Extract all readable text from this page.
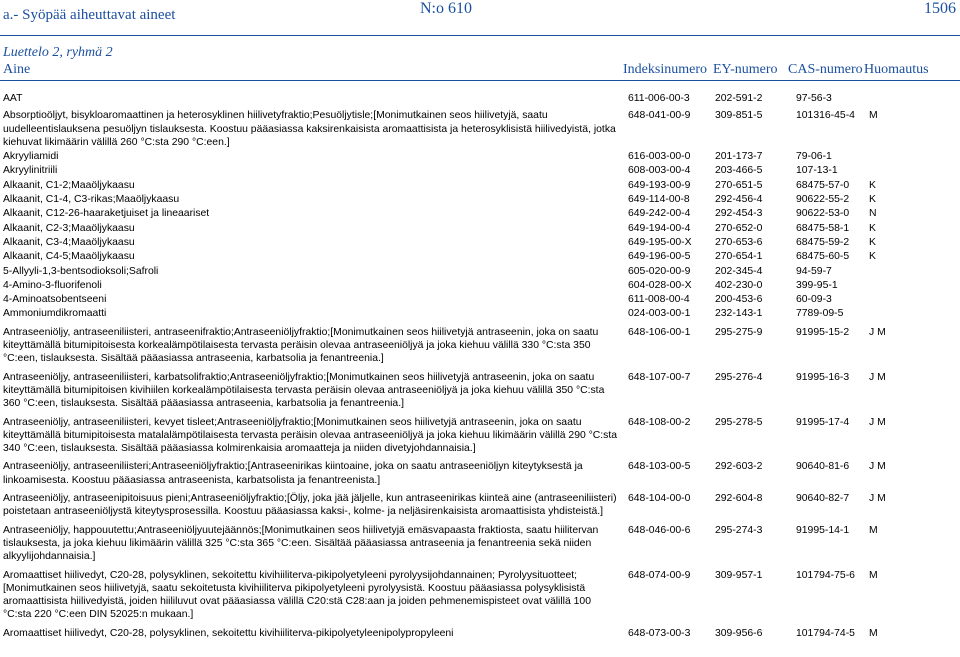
a.- Syöpää aiheuttavat aineet	N:o 610	1506
Luettelo 2, ryhmä 2
Aine	Indeksinumero EY-numero CAS-numero Huomautus
AAT	611-006-00-3	202-591-2	97-56-3
Absorptioöljyt, bisykloaromaattinen ja heterosyklinen hiilivetyfraktio;Pesuöljytisle;[Monimutkainen seos hiilivetyjä, saatu uudelleentislauksena pesuöljyn tislauksesta. Koostuu pääasiassa kaksirenkaisista aromaattisista ja heterosyklisistä hiilivedyistä, jotka kiehuvat likimäärin välillä 260 °C:sta 290 °C:een.]
648-041-00-9	309-851-5	101316-45-4	M
Akryyliamidi	616-003-00-0	201-173-7	79-06-1
Akryylinitriili	608-003-00-4	203-466-5	107-13-1
Alkaanit, C1-2;Maaöljykaasu	649-193-00-9	270-651-5	68475-57-0	K
Alkaanit, C1-4, C3-rikas;Maaöljykaasu	649-114-00-8	292-456-4	90622-55-2	K
Alkaanit, C12-26-haaraketjuiset ja lineaariset	649-242-00-4	292-454-3	90622-53-0	N
Alkaanit, C2-3;Maaöljykaasu	649-194-00-4	270-652-0	68475-58-1	K
Alkaanit, C3-4;Maaöljykaasu	649-195-00-X	270-653-6	68475-59-2	K
Alkaanit, C4-5;Maaöljykaasu	649-196-00-5	270-654-1	68475-60-5	K
5-Allyyli-1,3-bentsodioksoli;Safroli	605-020-00-9	202-345-4	94-59-7
4-Amino-3-fluorifenoli	604-028-00-X	402-230-0	399-95-1
4-Aminoatsobentseeni	611-008-00-4	200-453-6	60-09-3
Ammoniumdikromaatti	024-003-00-1	232-143-1	7789-09-5
Antraseeniöljy, antraseeniliisteri, antraseenifraktio;Antraseeniöljyfraktio;[Monimutkainen seos hiilivetyjä antraseenin, joka on saatu kiteyttämällä bitumipitoisesta korkealämpötilaisesta tervasta peräisin olevaa antraseeniöljyä ja joka kiehuu välillä 330 °C:sta 350 °C:een, tislauksesta. Sisältää pääasiassa antraseenia, karbatsolia ja fenantreenia.]
648-106-00-1	295-275-9	91995-15-2	J M
Antraseeniöljy, antraseeniliisteri, karbatsolifraktio;Antraseeniöljyfraktio;[Monimutkainen seos hiilivetyjä antraseenin, joka on saatu kiteyttämällä bitumipitoisen kivihiilen korkealämpötilaisesta tervasta peräisin olevaa antraseeniöljyä ja joka kiehuu välillä 350 °C:sta 360 °C:een, tislauksesta. Sisältää pääasiassa antraseenia, karbatsolia ja fenantreenia.]
648-107-00-7	295-276-4	91995-16-3	J M
Antraseeniöljy, antraseeniliisteri, kevyet tisleet;Antraseeniöljyfraktio;[Monimutkainen seos hiilivetyjä antraseenin, joka on saatu kiteyttämällä bitumipitoisesta matalalämpötilaisesta tervasta peräisin olevaa antraseeniöljyä ja joka kiehuu likimäärin välillä 290 °C:sta 340 °C:een, tislauksesta. Sisältää pääasiassa kolmirenkaisia aromaatteja ja niiden divetyjohdannaisia.]
648-108-00-2	295-278-5	91995-17-4	J M
Antraseeniöljy, antraseeniliisteri;Antraseeniöljyfraktio;[Antraseenirikas kiintoaine, joka on saatu antraseeniöljyn kiteytyksestä ja linkoamisesta. Koostuu pääasiassa antraseenista, karbatsolista ja fenantreenista.]
648-103-00-5	292-603-2	90640-81-6	J M
Antraseeniöljy, antraseenipitoisuus pieni;Antraseeniöljyfraktio;[Öljy, joka jää jäljelle, kun antraseenirikas kiinteä aine (antraseeniliisteri) poistetaan antraseeniöljystä kiteytysprosessilla. Koostuu pääasiassa kaksi-, kolme- ja neljäsirenkaisista aromaattisista yhdisteistä.]
648-104-00-0	292-604-8	90640-82-7	J M
Antraseeniöljy, happouutettu;Antraseeniöljyuutejäännös;[Monimutkainen seos hiilivetyjä emäsvapaasta fraktiosta, saatu hiilitervan tislauksesta, ja joka kiehuu likimäärin välillä 325 °C:sta 365 °C:een. Sisältää pääasiassa antraseenia ja fenantreenia sekä niiden alkyylijohdannaisia.]
648-046-00-6	295-274-3	91995-14-1	M
Aromaattiset hiilivedyt, C20-28, polysyklinen, sekoitettu kivihiiliterva-pikipolyetyleeni pyrolyysijohdannainen; Pyrolyysituotteet;[Monimutkainen seos hiilivetyjä, saatu sekoitetusta kivihiiliterva pikipolyetyleeni pyrolyysistä. Koostuu pääasiassa polysyklisistä aromaattisista hiilivedyistä, joiden hiililuvut ovat pääasiassa välillä C20:stä C28:aan ja joiden pehmenemispisteet ovat välillä 100 °C:sta 220 °C:een DIN 52025:n mukaan.]
648-074-00-9	309-957-1	101794-75-6	M
Aromaattiset hiilivedyt, C20-28, polysyklinen, sekoitettu kivihiiliterva-pikipolyetyleenipolypropyleeni	648-073-00-3	309-956-6	101794-74-5	M
